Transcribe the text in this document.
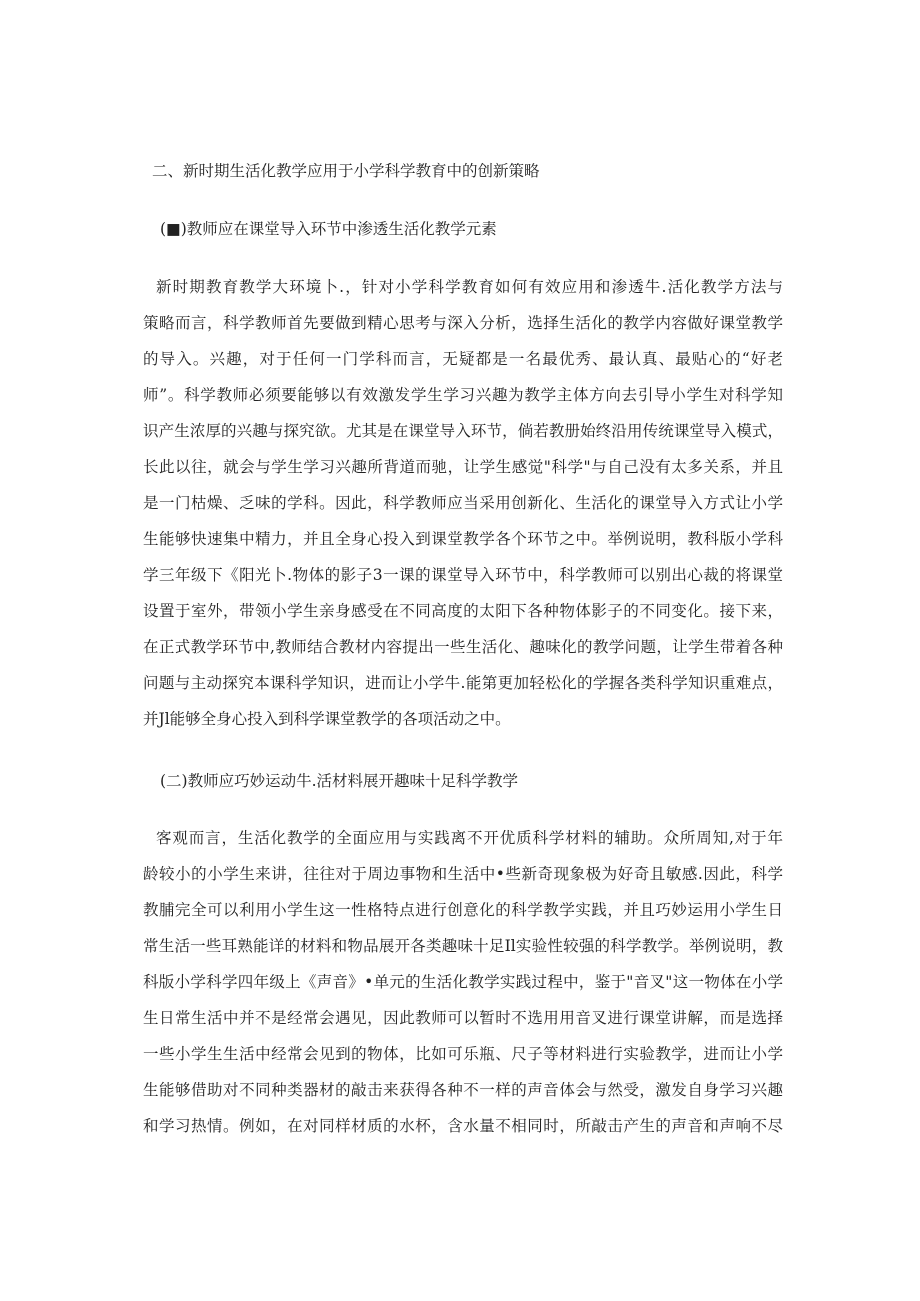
二、新时期生活化教学应用于小学科学教育中的创新策略
(■)教师应在课堂导入环节中渗透生活化教学元素
新时期教育教学大环境卜.，针对小学科学教育如何有效应用和渗透牛.活化教学方法与
策略而言，科学教师首先要做到精心思考与深入分析，选择生活化的教学内容做好课堂教学
的导入。兴趣，对于任何一门学科而言，无疑都是一名最优秀、最认真、最贴心的“好老
师”。科学教师必须要能够以有效激发学生学习兴趣为教学主体方向去引导小学生对科学知
识产生浓厚的兴趣与探究欲。尤其是在课堂导入环节，倘若教册始终沿用传统课堂导入模式，
长此以往，就会与学生学习兴趣所背道而驰，让学生感觉"科学"与自己没有太多关系，并且
是一门枯燥、乏味的学科。因此，科学教师应当采用创新化、生活化的课堂导入方式让小学
生能够快速集中精力，并且全身心投入到课堂教学各个环节之中。举例说明，教科版小学科
学三年级下《阳光卜.物体的影子3一课的课堂导入环节中，科学教师可以别出心裁的将课堂
设置于室外，带领小学生亲身感受在不同高度的太阳下各种物体影子的不同变化。接下来，
在正式教学环节中,教师结合教材内容提出一些生活化、趣味化的教学问题，让学生带着各种
问题与主动探究本课科学知识，进而让小学牛.能第更加轻松化的学握各类科学知识重难点，
并Jl能够全身心投入到科学课堂教学的各项活动之中。
(二)教师应巧妙运动牛.活材料展开趣味十足科学教学
客观而言，生活化教学的全面应用与实践离不开优质科学材料的辅助。众所周知,对于年
龄较小的小学生来讲，往往对于周边事物和生活中•些新奇现象极为好奇且敏感.因此，科学
教脯完全可以利用小学生这一性格特点进行创意化的科学教学实践，并且巧妙运用小学生日
常生活一些耳熟能详的材料和物品展开各类趣味十足Il实验性较强的科学教学。举例说明，教
科版小学科学四年级上《声音》•单元的生活化教学实践过程中，鉴于"音叉"这一物体在小学
生日常生活中并不是经常会遇见，因此教师可以暂时不选用用音叉进行课堂讲解，而是选择
一些小学生生活中经常会见到的物体，比如可乐瓶、尺子等材料进行实验教学，进而让小学
生能够借助对不同种类器材的敲击来获得各种不一样的声音体会与然受，激发自身学习兴趣
和学习热情。例如，在对同样材质的水杯，含水量不相同时，所敲击产生的声音和声响不尽
